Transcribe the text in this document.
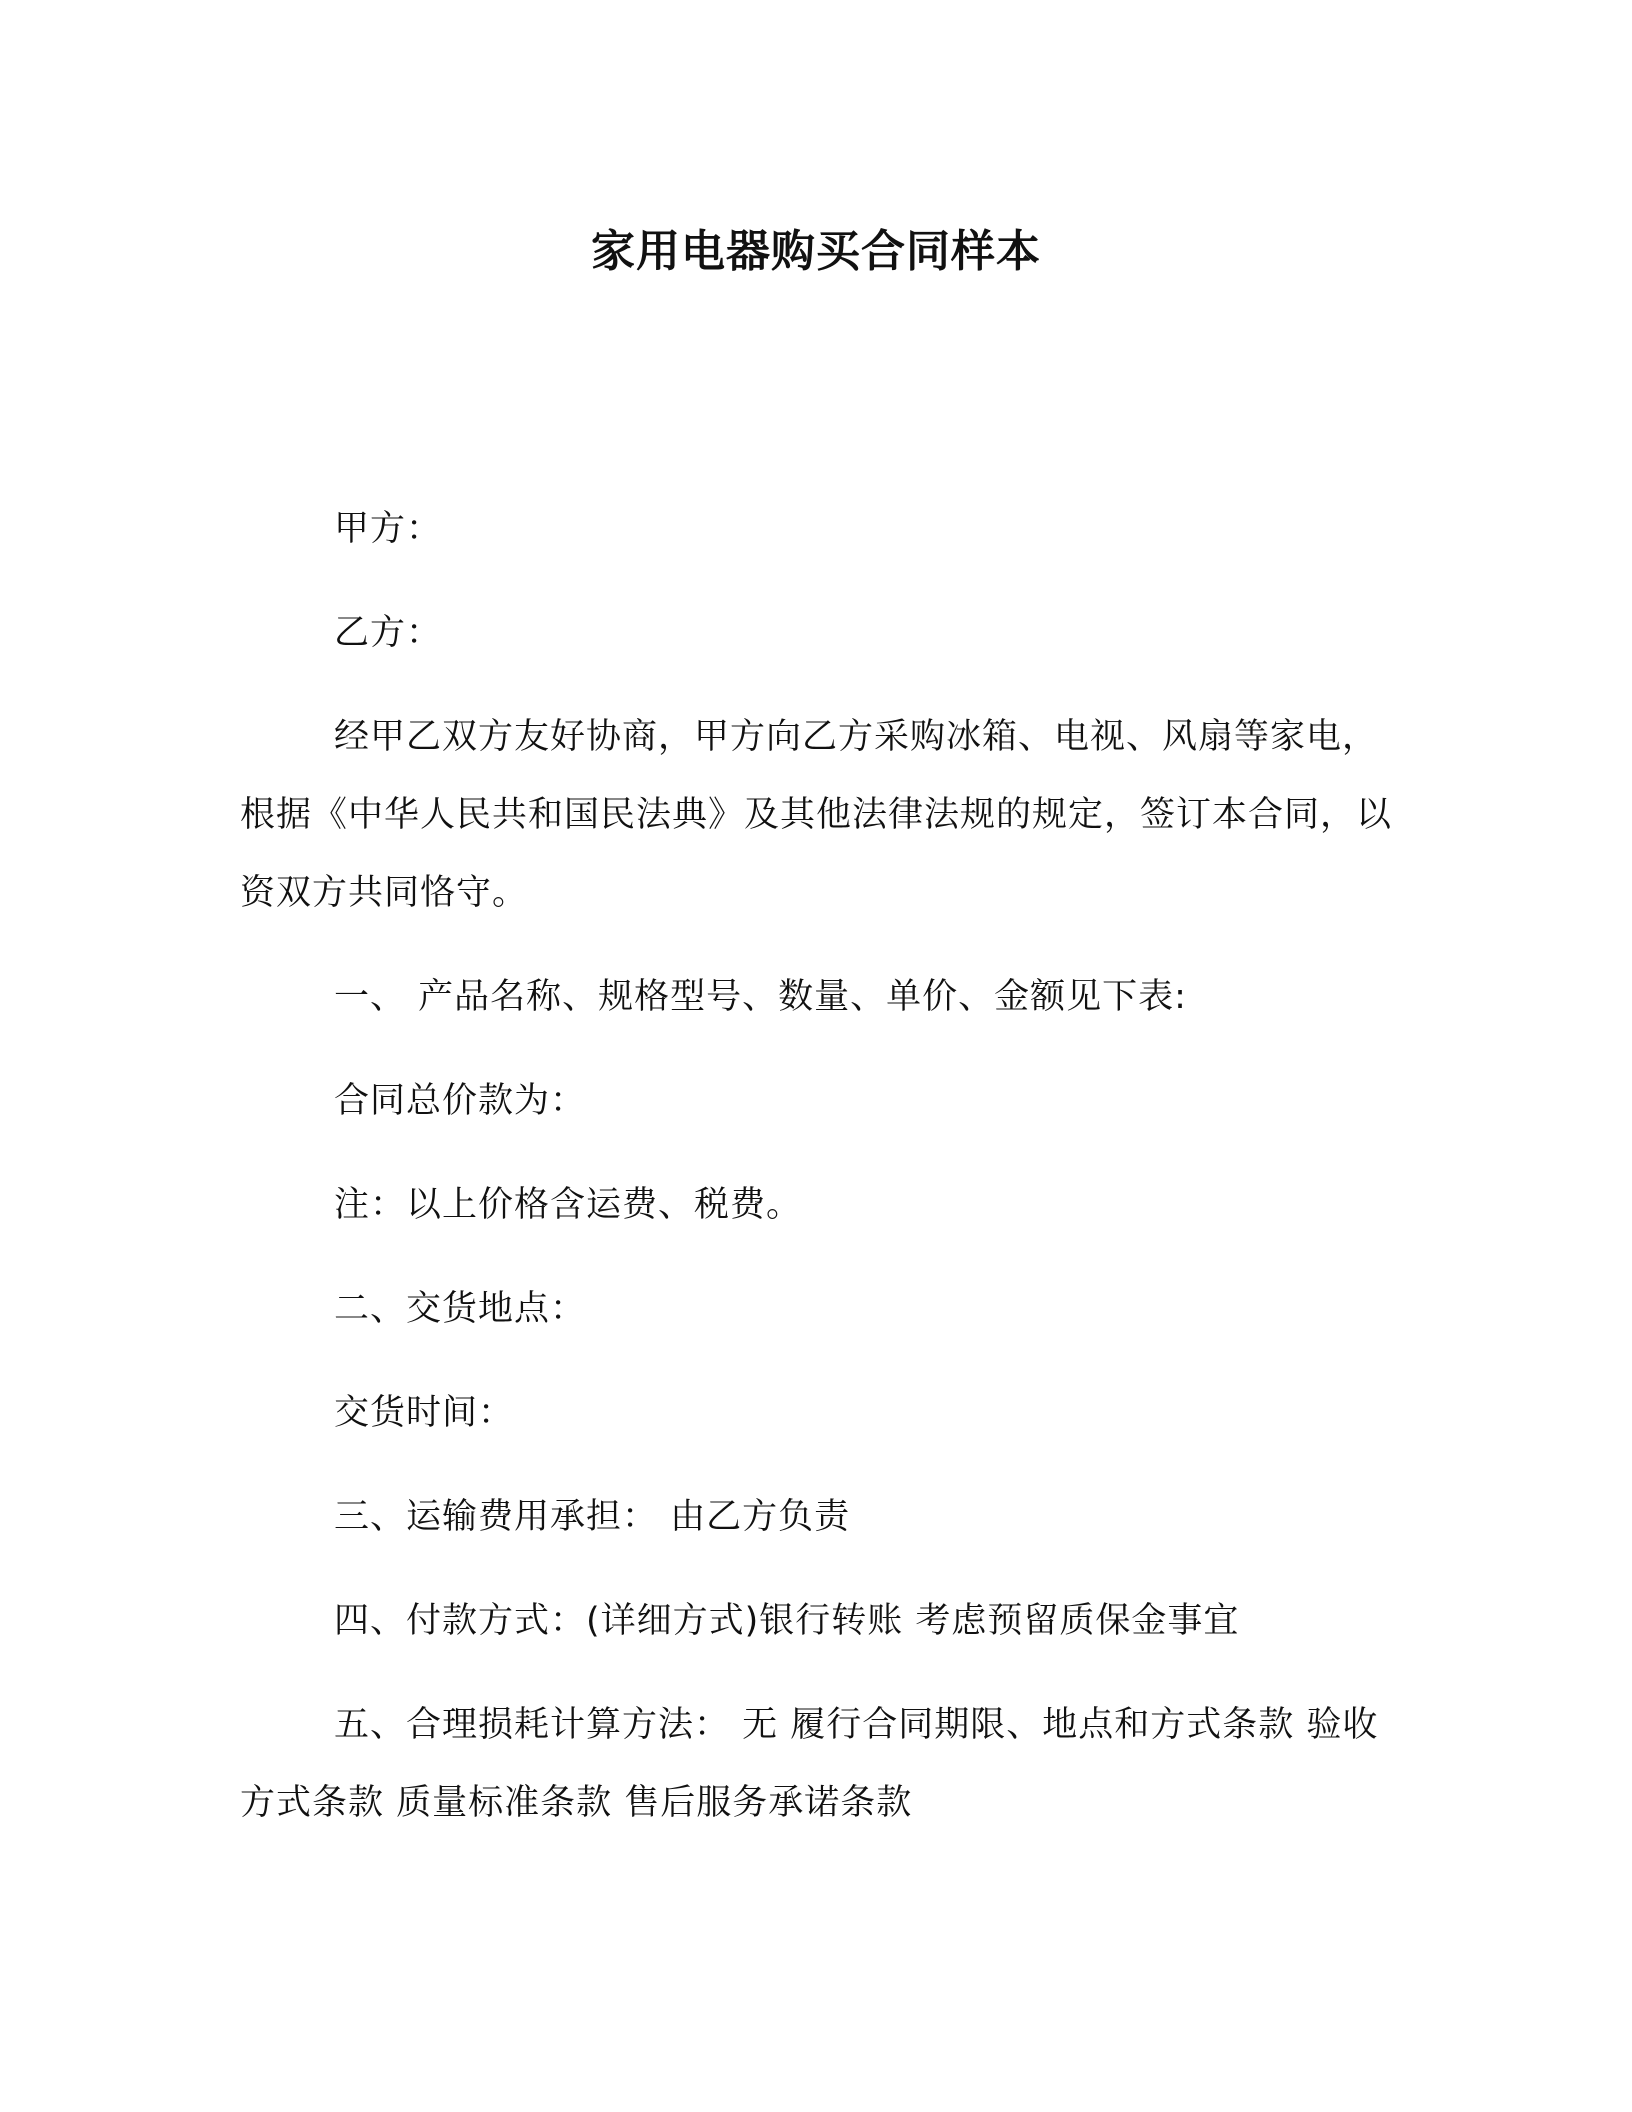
家用电器购买合同样本

甲方：

乙方：

经甲乙双方友好协商，甲方向乙方采购冰箱、电视、风扇等家电，根据《中华人民共和国民法典》及其他法律法规的规定，签订本合同，以资双方共同恪守。

一、 产品名称、规格型号、数量、单价、金额见下表:

合同总价款为：

注：以上价格含运费、税费。

二、交货地点：

交货时间：

三、运输费用承担： 由乙方负责

四、付款方式：(详细方式)银行转账 考虑预留质保金事宜

五、合理损耗计算方法： 无 履行合同期限、地点和方式条款 验收方式条款 质量标准条款 售后服务承诺条款
